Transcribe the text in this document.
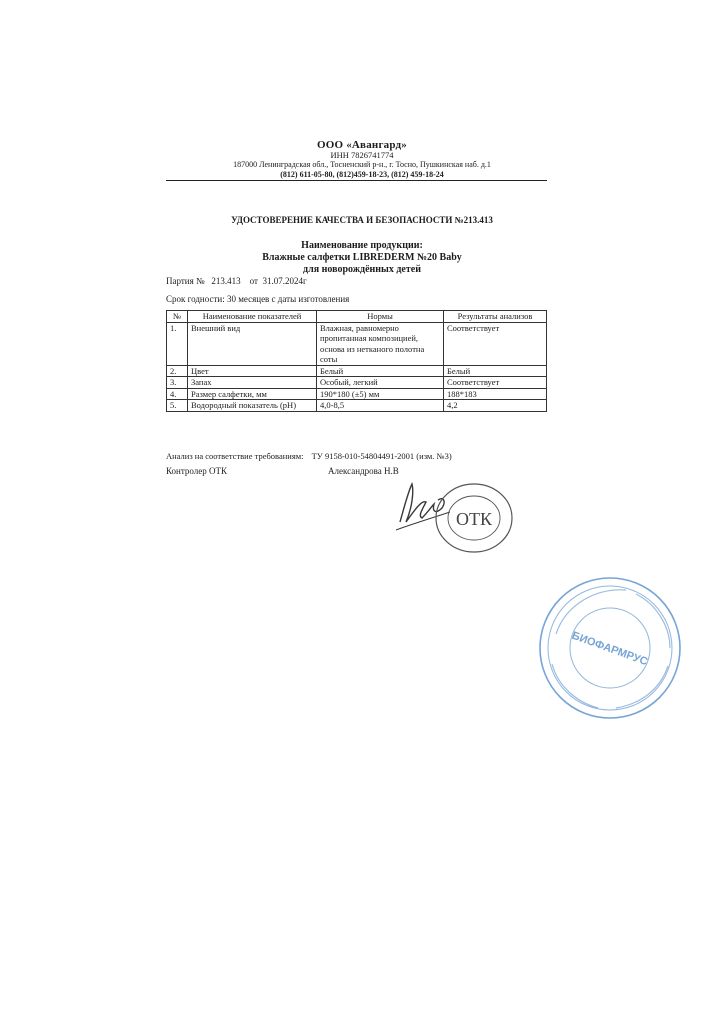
ООО «Авангард»
ИНН 7826741774
187000 Ленинградская обл., Тосненский р-н., г. Тосно, Пушкинская наб. д.1
(812) 611-05-80, (812)459-18-23, (812) 459-18-24
УДОСТОВЕРЕНИЕ КАЧЕСТВА И БЕЗОПАСНОСТИ №213.413
Наименование продукции:
Влажные салфетки LIBREDERM №20 Baby
для новорождённых детей
Партия № 213.413 от 31.07.2024г
Срок годности: 30 месяцев с даты изготовления
№	Наименование показателей	Нормы	Результаты анализов
1.	Внешний вид	Влажная, равномерно пропитанная композицией, основа из нетканого полотна соты	Соответствует
2.	Цвет	Белый	Белый
3.	Запах	Особый, легкий	Соответствует
4.	Размер салфетки, мм	190*180 (±5) мм	188*183
5.	Водородный показатель (pH)	4,0-8,5	4,2
Анализ на соответствие требованиям: ТУ 9158-010-54804491-2001 (изм. №3)
Контролер ОТК	Александрова Н.В
ОТК
БИОФАРМРУС
